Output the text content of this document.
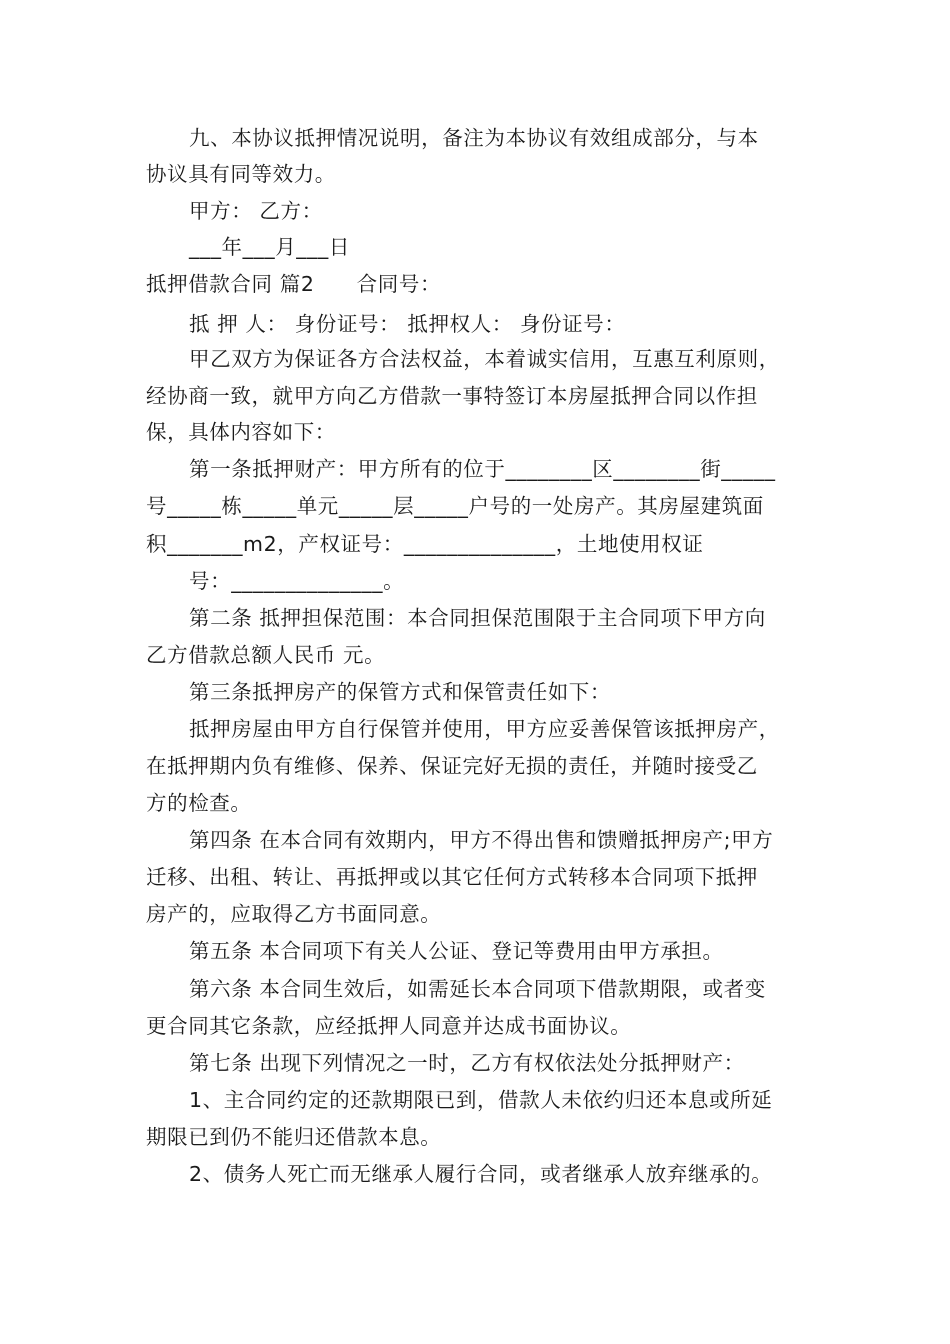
九、本协议抵押情况说明，备注为本协议有效组成部分，与本
协议具有同等效力。
甲方： 乙方：
___年___月___日
抵押借款合同 篇2　　合同号：
抵 押 人： 身份证号： 抵押权人： 身份证号：
甲乙双方为保证各方合法权益，本着诚实信用，互惠互利原则，
经协商一致，就甲方向乙方借款一事特签订本房屋抵押合同以作担
保，具体内容如下：
第一条抵押财产：甲方所有的位于________区________街_____
号_____栋_____单元_____层_____户号的一处房产。其房屋建筑面
积_______m2，产权证号：______________，土地使用权证
号：______________。
第二条 抵押担保范围：本合同担保范围限于主合同项下甲方向
乙方借款总额人民币 元。
第三条抵押房产的保管方式和保管责任如下：
抵押房屋由甲方自行保管并使用，甲方应妥善保管该抵押房产，
在抵押期内负有维修、保养、保证完好无损的责任，并随时接受乙
方的检查。
第四条 在本合同有效期内，甲方不得出售和馈赠抵押房产;甲方
迁移、出租、转让、再抵押或以其它任何方式转移本合同项下抵押
房产的，应取得乙方书面同意。
第五条 本合同项下有关人公证、登记等费用由甲方承担。
第六条 本合同生效后，如需延长本合同项下借款期限，或者变
更合同其它条款，应经抵押人同意并达成书面协议。
第七条 出现下列情况之一时，乙方有权依法处分抵押财产：
1、主合同约定的还款期限已到，借款人未依约归还本息或所延
期限已到仍不能归还借款本息。
2、债务人死亡而无继承人履行合同，或者继承人放弃继承的。
